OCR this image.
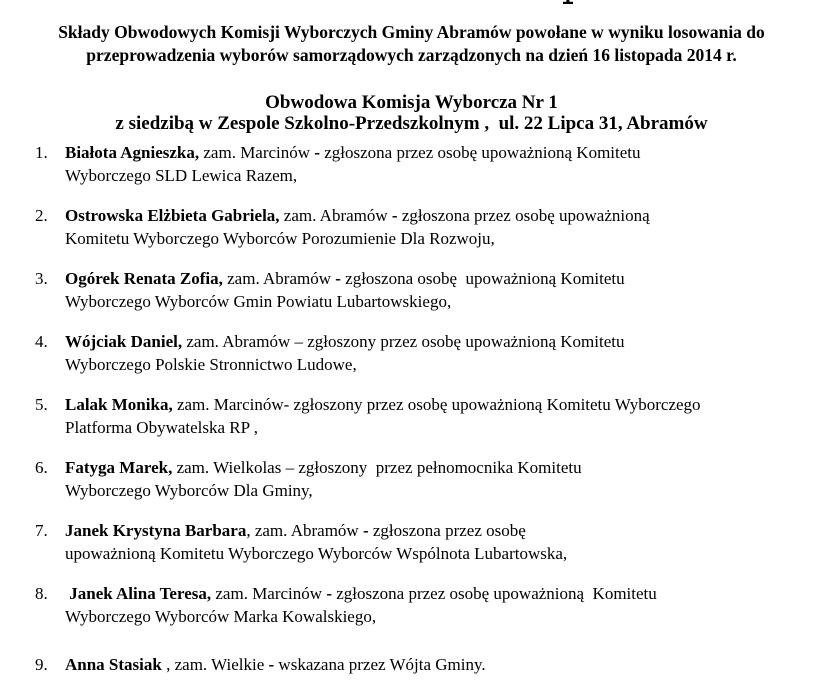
Składy Obwodowych Komisji Wyborczych Gminy Abramów powołane w wyniku losowania do
przeprowadzenia wyborów samorządowych zarządzonych na dzień 16 listopada 2014 r.
Obwodowa Komisja Wyborcza Nr 1
z siedzibą w Zespole Szkolno-Przedszkolnym ,  ul. 22 Lipca 31, Abramów
1.	Białota Agnieszka, zam. Marcinów - zgłoszona przez osobę upoważnioną Komitetu
Wyborczego SLD Lewica Razem,
2.	Ostrowska Elżbieta Gabriela, zam. Abramów - zgłoszona przez osobę upoważnioną
Komitetu Wyborczego Wyborców Porozumienie Dla Rozwoju,
3.	Ogórek Renata Zofia, zam. Abramów - zgłoszona osobę  upoważnioną Komitetu
Wyborczego Wyborców Gmin Powiatu Lubartowskiego,
4.	Wójciak Daniel, zam. Abramów – zgłoszony przez osobę upoważnioną Komitetu
Wyborczego Polskie Stronnictwo Ludowe,
5.	Lalak Monika, zam. Marcinów- zgłoszony przez osobę upoważnioną Komitetu Wyborczego
Platforma Obywatelska RP ,
6.	Fatyga Marek, zam. Wielkolas – zgłoszony  przez pełnomocnika Komitetu
Wyborczego Wyborców Dla Gminy,
7.	Janek Krystyna Barbara, zam. Abramów - zgłoszona przez osobę
upoważnioną Komitetu Wyborczego Wyborców Wspólnota Lubartowska,
8.	Janek Alina Teresa, zam. Marcinów - zgłoszona przez osobę upoważnioną  Komitetu
Wyborczego Wyborców Marka Kowalskiego,
9.	Anna Stasiak , zam. Wielkie - wskazana przez Wójta Gminy.
